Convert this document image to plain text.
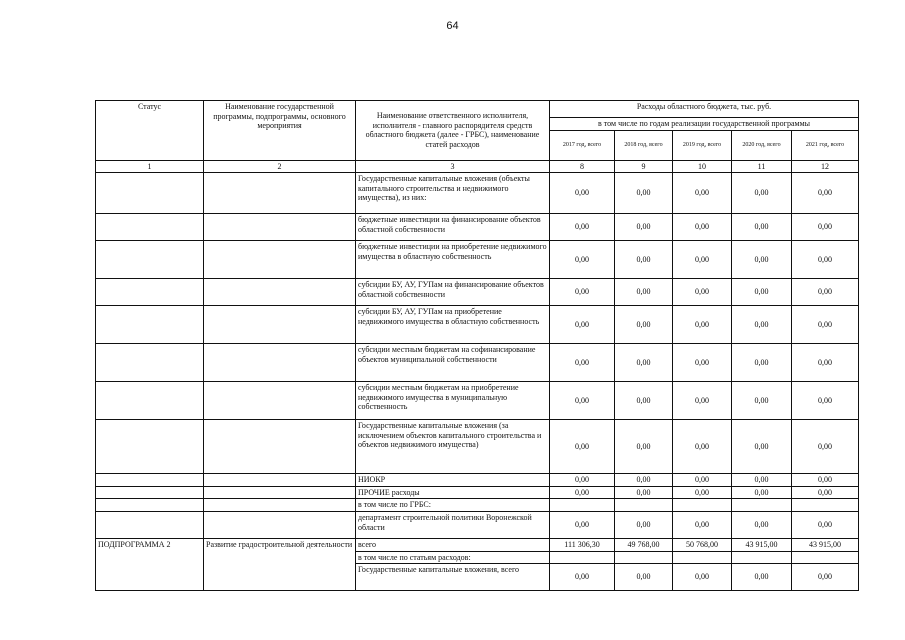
64
Статус	Наименование государственной программы, подпрограммы, основного мероприятия	Наименование ответственного исполнителя, исполнителя - главного распорядителя средств областного бюджета (далее - ГРБС), наименование статей расходов	Расходы областного бюджета, тыс. руб.				
			в том числе по годам реализации государственной программы				
			2017 год, всего	2018 год, всего	2019 год, всего	2020 год, всего	2021 год, всего
1	2	3	8	9	10	11	12
		Государственные капитальные вложения (объекты капитального строительства и недвижимого имущества), из них:	0,00	0,00	0,00	0,00	0,00
		бюджетные инвестиции на финансирование объектов областной собственности	0,00	0,00	0,00	0,00	0,00
		бюджетные инвестиции на приобретение недвижимого имущества в областную собственность	0,00	0,00	0,00	0,00	0,00
		субсидии БУ, АУ, ГУПам на финансирование объектов областной собственности	0,00	0,00	0,00	0,00	0,00
		субсидии БУ, АУ, ГУПам на приобретение недвижимого имущества в областную собственность	0,00	0,00	0,00	0,00	0,00
		субсидии местным бюджетам на софинансирование объектов муниципальной собственности	0,00	0,00	0,00	0,00	0,00
		субсидии местным бюджетам на приобретение недвижимого имущества в муниципальную собственность	0,00	0,00	0,00	0,00	0,00
		Государственные капитальные вложения (за исключением объектов капитального строительства и объектов недвижимого имущества)	0,00	0,00	0,00	0,00	0,00
		НИОКР	0,00	0,00	0,00	0,00	0,00
		ПРОЧИЕ расходы	0,00	0,00	0,00	0,00	0,00
		в том числе по ГРБС:					
		департамент строительной политики Воронежской области	0,00	0,00	0,00	0,00	0,00
ПОДПРОГРАММА 2	Развитие градостроительной деятельности	всего	111 306,30	49 768,00	50 768,00	43 915,00	43 915,00
		в том числе по статьям расходов:					
		Государственные капитальные вложения, всего	0,00	0,00	0,00	0,00	0,00
